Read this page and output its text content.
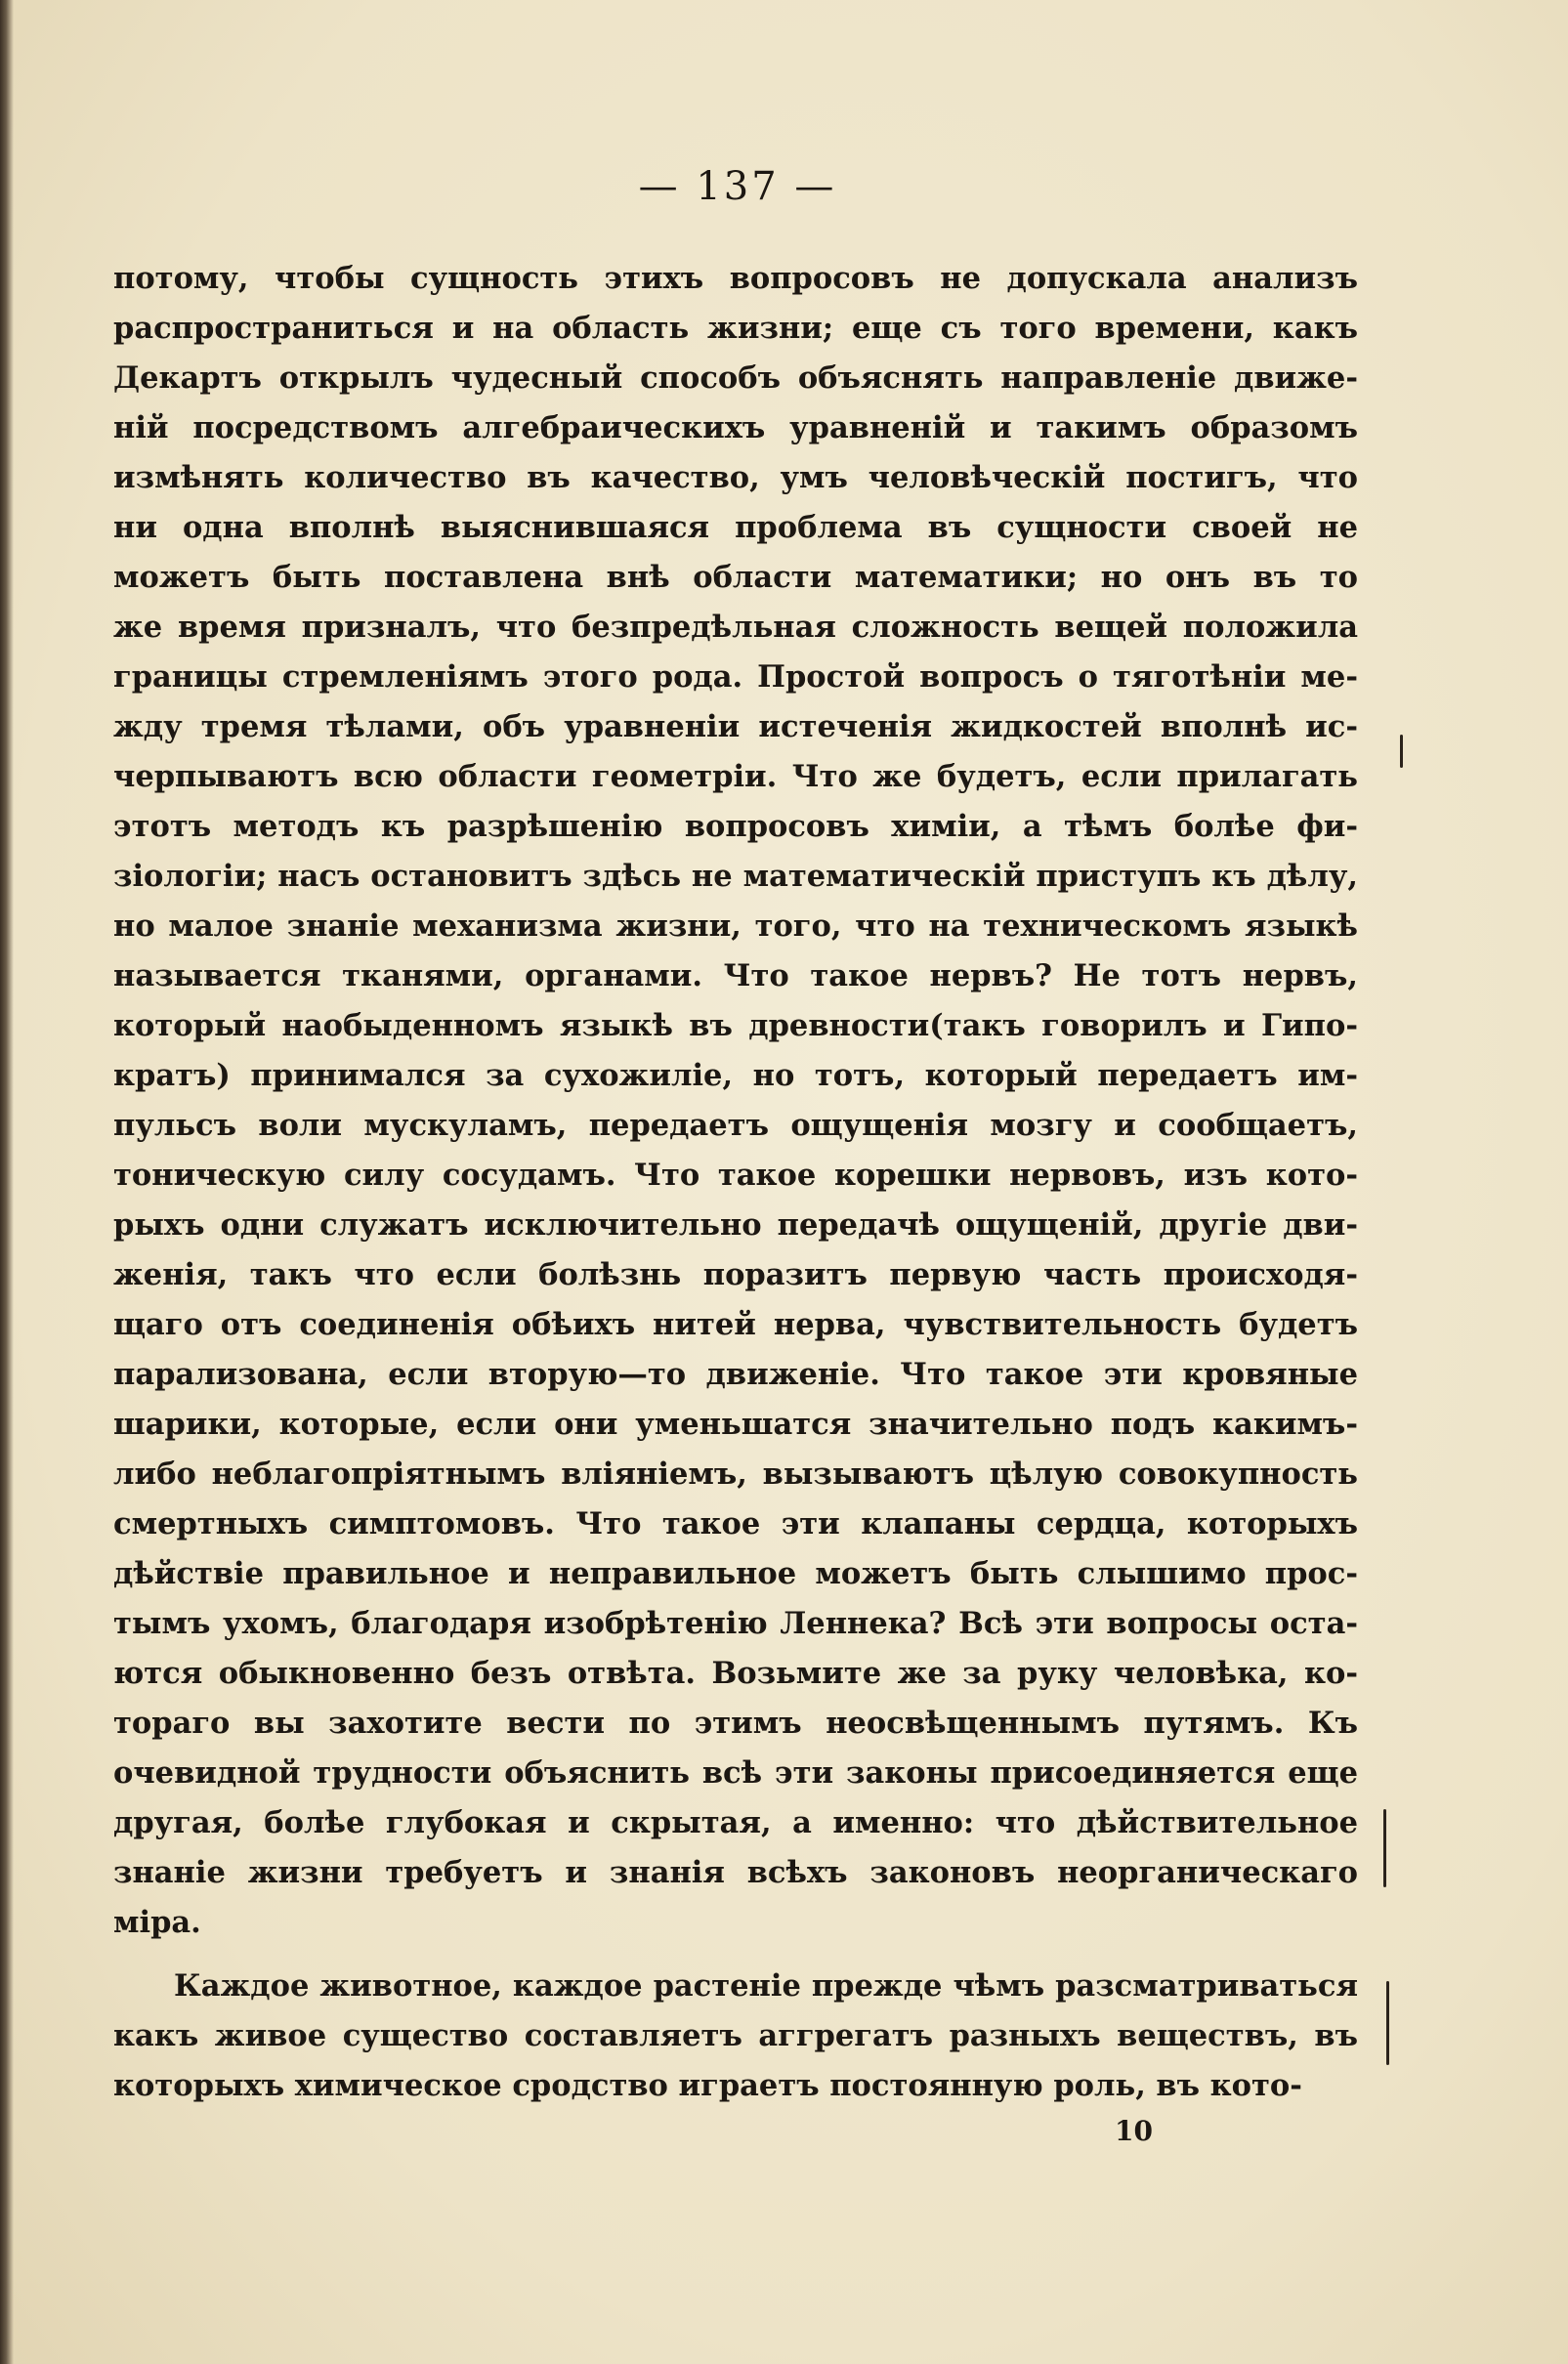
— 137 —
потому, чтобы сущность этихъ вопросовъ не допускала анализъ
распространиться и на область жизни; еще съ того времени, какъ
Декартъ открылъ чудесный способъ объяснять направленіе движе-
ній посредствомъ алгебраическихъ уравненій и такимъ образомъ
измѣнять количество въ качество, умъ человѣческій постигъ, что
ни одна вполнѣ выяснившаяся проблема въ сущности своей не
можетъ быть поставлена внѣ области математики; но онъ въ то
же время призналъ, что безпредѣльная сложность вещей положила
границы стремленіямъ этого рода. Простой вопросъ о тяготѣніи ме-
жду тремя тѣлами, объ уравненіи истеченія жидкостей вполнѣ ис-
черпываютъ всю области геометріи. Что же будетъ, если прилагать
этотъ методъ къ разрѣшенію вопросовъ химіи, а тѣмъ болѣе фи-
зіологіи; насъ остановитъ здѣсь не математическій приступъ къ дѣлу,
но малое знаніе механизма жизни, того, что на техническомъ языкѣ
называется тканями, органами. Что такое нервъ? Не тотъ нервъ,
который наобыденномъ языкѣ въ древности(такъ говорилъ и Гипо-
кратъ) принимался за сухожиліе, но тотъ, который передаетъ им-
пульсъ воли мускуламъ, передаетъ ощущенія мозгу и сообщаетъ,
тоническую силу сосудамъ. Что такое корешки нервовъ, изъ кото-
рыхъ одни служатъ исключительно передачѣ ощущеній, другіе дви-
женія, такъ что если болѣзнь поразитъ первую часть происходя-
щаго отъ соединенія обѣихъ нитей нерва, чувствительность будетъ
парализована, если вторую—то движеніе. Что такое эти кровяные
шарики, которые, если они уменьшатся значительно подъ какимъ-
либо неблагопріятнымъ вліяніемъ, вызываютъ цѣлую совокупность
смертныхъ симптомовъ. Что такое эти клапаны сердца, которыхъ
дѣйствіе правильное и неправильное можетъ быть слышимо прос-
тымъ ухомъ, благодаря изобрѣтенію Леннека? Всѣ эти вопросы оста-
ются обыкновенно безъ отвѣта. Возьмите же за руку человѣка, ко-
тораго вы захотите вести по этимъ неосвѣщеннымъ путямъ. Къ
очевидной трудности объяснить всѣ эти законы присоединяется еще
другая, болѣе глубокая и скрытая, а именно: что дѣйствительное
знаніе жизни требуетъ и знанія всѣхъ законовъ неорганическаго
міра.
Каждое животное, каждое растеніе прежде чѣмъ разсматриваться
какъ живое существо составляетъ аггрегатъ разныхъ веществъ, въ
которыхъ химическое сродство играетъ постоянную роль, въ кото-
10
